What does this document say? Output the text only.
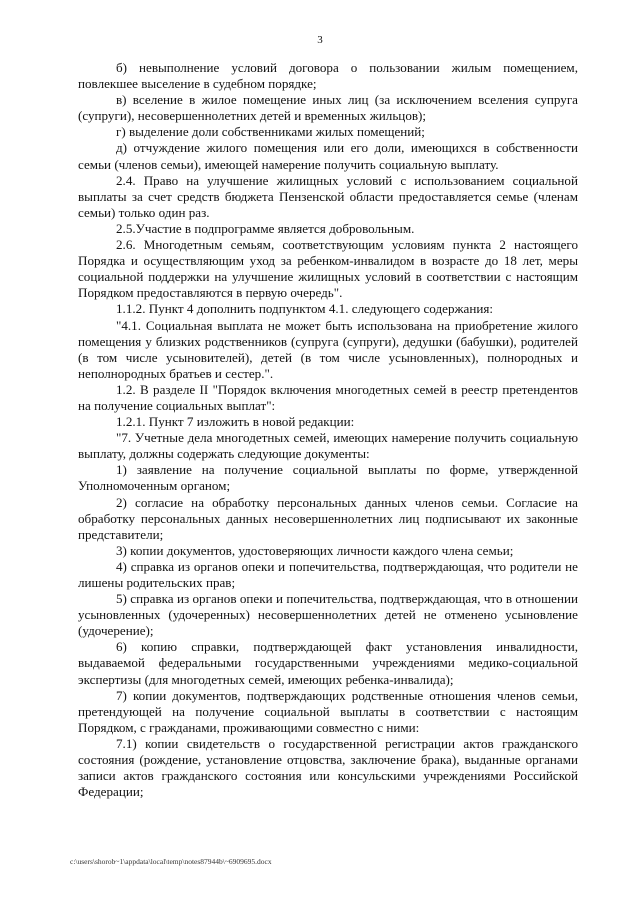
3

б) невыполнение условий договора о пользовании жилым помещением, повлекшее выселение в судебном порядке;

в) вселение в жилое помещение иных лиц (за исключением вселения супруга (супруги), несовершеннолетних детей и временных жильцов);

г) выделение доли собственниками жилых помещений;

д) отчуждение жилого помещения или его доли, имеющихся в собственности семьи (членов семьи), имеющей намерение получить социальную выплату.

2.4. Право на улучшение жилищных условий с использованием социальной выплаты за счет средств бюджета Пензенской области предоставляется семье (членам семьи) только один раз.

2.5.Участие в подпрограмме является добровольным.

2.6. Многодетным семьям, соответствующим условиям пункта 2 настоящего Порядка и осуществляющим уход за ребенком-инвалидом в возрасте до 18 лет, меры социальной поддержки на улучшение жилищных условий в соответствии с настоящим Порядком предоставляются в первую очередь".

1.1.2. Пункт 4 дополнить подпунктом 4.1. следующего содержания:

"4.1. Социальная выплата не может быть использована на приобретение жилого помещения у близких родственников (супруга (супруги), дедушки (бабушки), родителей (в том числе усыновителей), детей (в том числе усыновленных), полнородных и неполнородных братьев и сестер.".

1.2. В разделе II "Порядок включения многодетных семей в реестр претендентов на получение социальных выплат":

1.2.1. Пункт 7 изложить в новой редакции:

"7. Учетные дела многодетных семей, имеющих намерение получить социальную выплату, должны содержать следующие документы:

1) заявление на получение социальной выплаты по форме, утвержденной Уполномоченным органом;

2) согласие на обработку персональных данных членов семьи. Согласие на обработку персональных данных несовершеннолетних лиц подписывают их законные представители;

3) копии документов, удостоверяющих личности каждого члена семьи;

4) справка из органов опеки и попечительства, подтверждающая, что родители не лишены родительских прав;

5) справка из органов опеки и попечительства, подтверждающая, что в отношении усыновленных (удочеренных) несовершеннолетних детей не отменено усыновление (удочерение);

6) копию справки, подтверждающей факт установления инвалидности, выдаваемой федеральными государственными учреждениями медико-социальной экспертизы (для многодетных семей, имеющих ребенка-инвалида);

7) копии документов, подтверждающих родственные отношения членов семьи, претендующей на получение социальной выплаты в соответствии с настоящим Порядком, с гражданами, проживающими совместно с ними:

7.1) копии свидетельств о государственной регистрации актов гражданского состояния (рождение, установление отцовства, заключение брака), выданные органами записи актов гражданского состояния или консульскими учреждениями Российской Федерации;

c:\users\shorob~1\appdata\local\temp\notes87944b\~6909695.docx
